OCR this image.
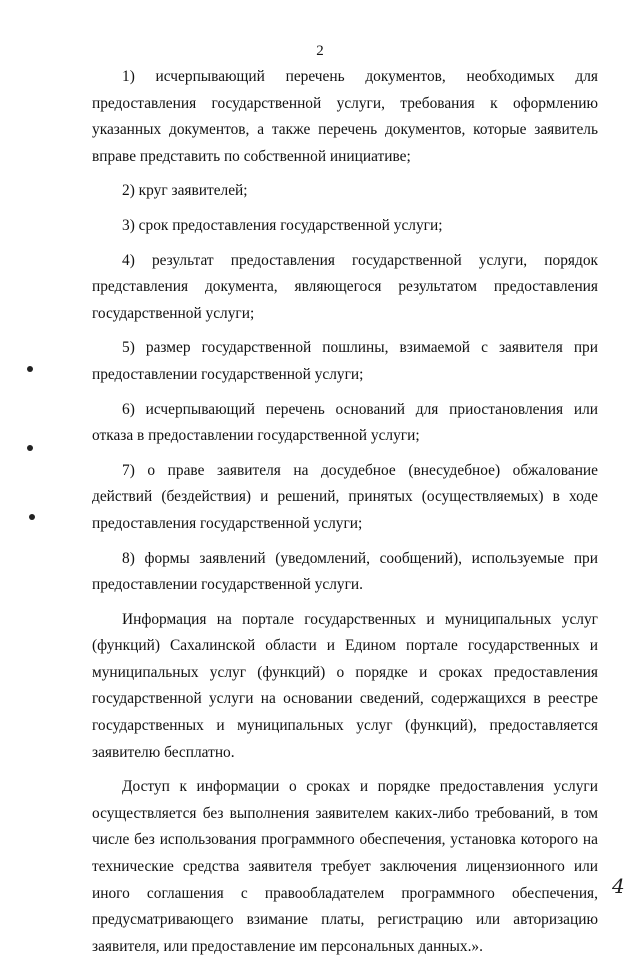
2

1) исчерпывающий перечень документов, необходимых для предоставления государственной услуги, требования к оформлению указанных документов, а также перечень документов, которые заявитель вправе представить по собственной инициативе;

2) круг заявителей;

3) срок предоставления государственной услуги;

4) результат предоставления государственной услуги, порядок представления документа, являющегося результатом предоставления государственной услуги;

5) размер государственной пошлины, взимаемой с заявителя при предоставлении государственной услуги;

6) исчерпывающий перечень оснований для приостановления или отказа в предоставлении государственной услуги;

7) о праве заявителя на досудебное (внесудебное) обжалование действий (бездействия) и решений, принятых (осуществляемых) в ходе предоставления государственной услуги;

8) формы заявлений (уведомлений, сообщений), используемые при предоставлении государственной услуги.

Информация на портале государственных и муниципальных услуг (функций) Сахалинской области и Едином портале государственных и муниципальных услуг (функций) о порядке и сроках предоставления государственной услуги на основании сведений, содержащихся в реестре государственных и муниципальных услуг (функций), предоставляется заявителю бесплатно.

Доступ к информации о сроках и порядке предоставления услуги осуществляется без выполнения заявителем каких-либо требований, в том числе без использования программного обеспечения, установка которого на технические средства заявителя требует заключения лицензионного или иного соглашения с правообладателем программного обеспечения, предусматривающего взимание платы, регистрацию или авторизацию заявителя, или предоставление им персональных данных.».

4
